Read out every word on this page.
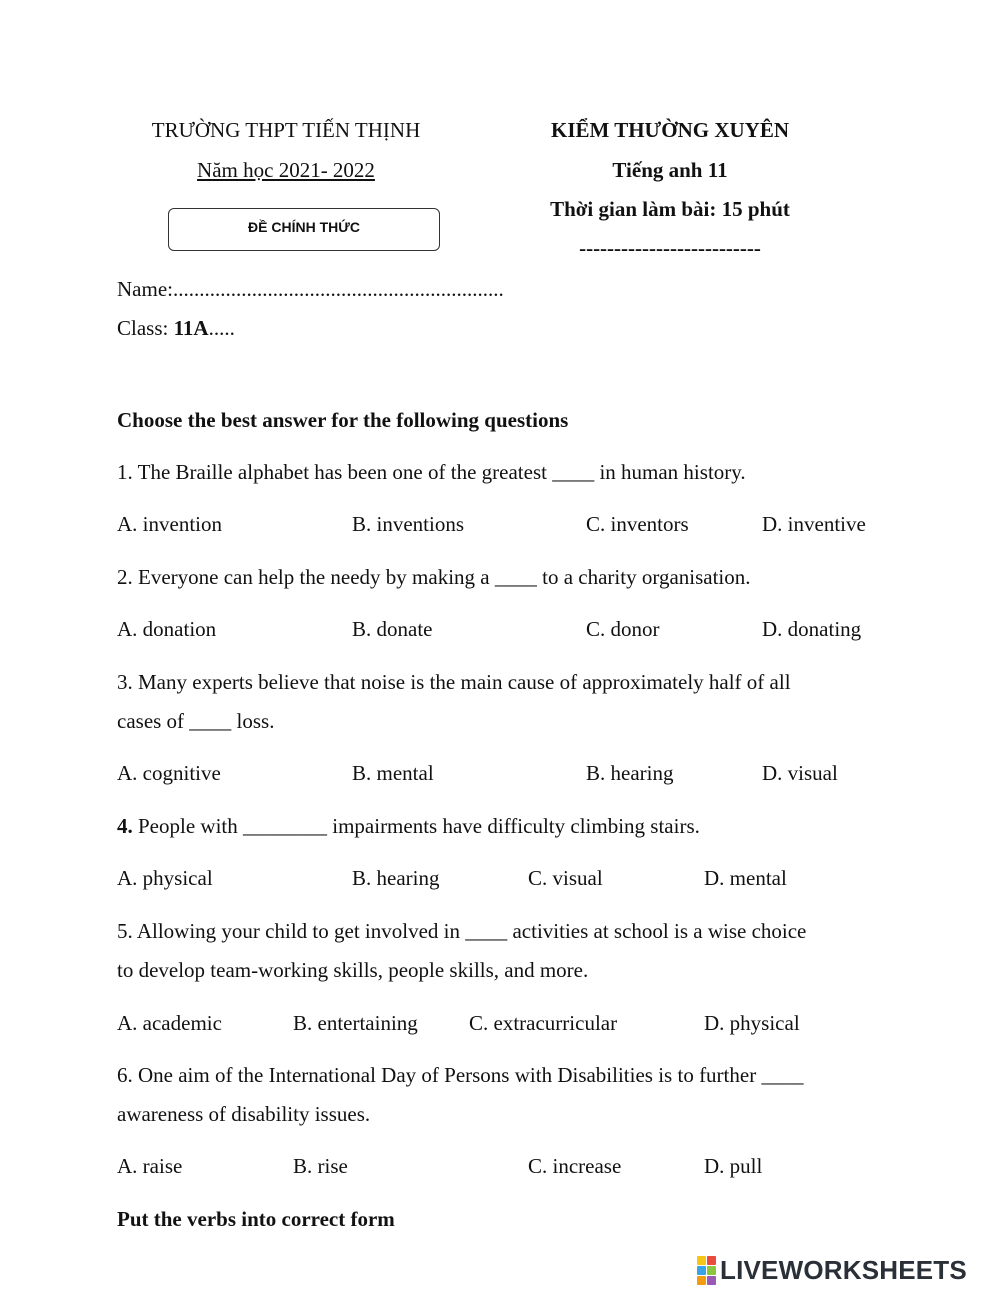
TRƯỜNG THPT TIẾN THỊNH
Năm học 2021- 2022
ĐỀ CHÍNH THỨC
KIỂM THƯỜNG XUYÊN
Tiếng anh 11
Thời gian làm bài: 15 phút
--------------------------
Name:...............................................................
Class: 11A.....
Choose the best answer for the following questions
1. The Braille alphabet has been one of the greatest ____ in human history.
A. invention	B. inventions	C. inventors	D. inventive
2. Everyone can help the needy by making a ____ to a charity organisation.
A. donation	B. donate	C. donor	D. donating
3. Many experts believe that noise is the main cause of approximately half of all
cases of ____ loss.
A. cognitive	B. mental	B. hearing	D. visual
4. People with ________ impairments have difficulty climbing stairs.
A. physical	B. hearing	C. visual	D. mental
5. Allowing your child to get involved in ____ activities at school is a wise choice
to develop team-working skills, people skills, and more.
A. academic	B. entertaining C. extracurricular	D. physical
6. One aim of the International Day of Persons with Disabilities is to further ____
awareness of disability issues.
A. raise	B. rise	C. increase	D. pull
Put the verbs into correct form
LIVEWORKSHEETS
